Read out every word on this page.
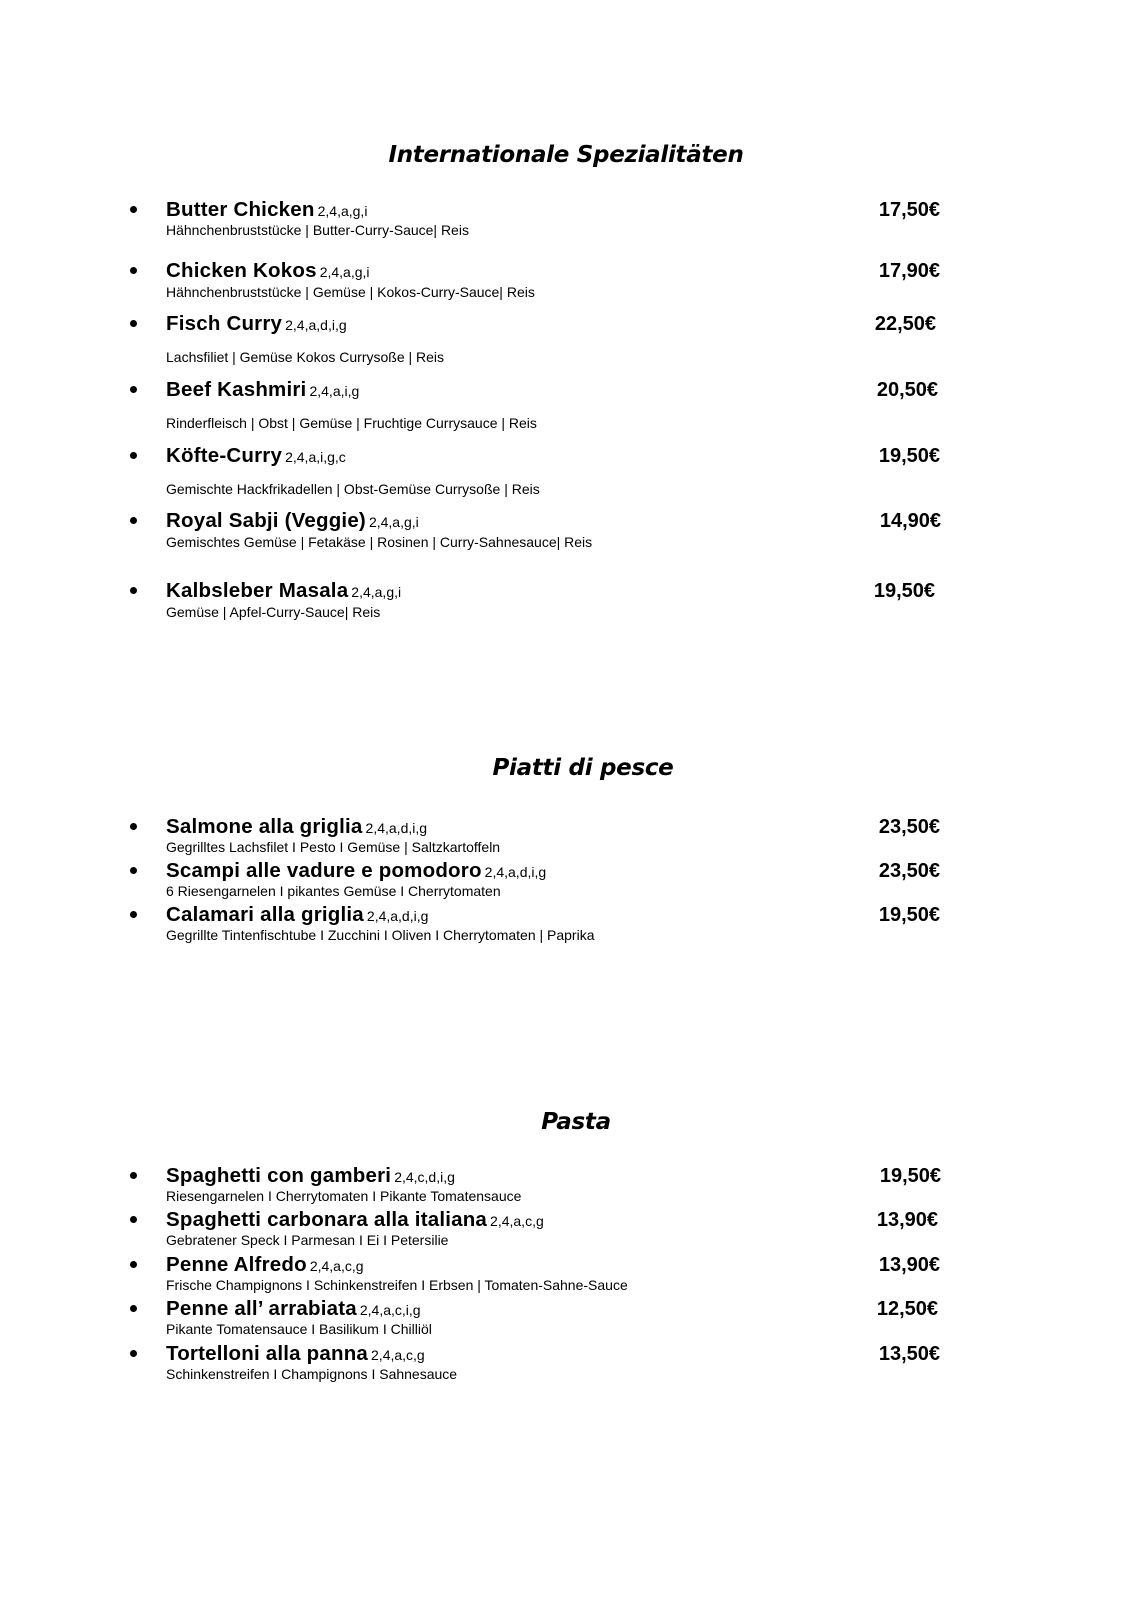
Internationale Spezialitäten
Butter Chicken 2,4,a,g,i
Hähnchenbruststücke | Butter-Curry-Sauce| Reis
17,50€
Chicken Kokos 2,4,a,g,i
Hähnchenbruststücke | Gemüse | Kokos-Curry-Sauce| Reis
17,90€
Fisch Curry 2,4,a,d,i,g
Lachsfiliet | Gemüse Kokos Currysoße | Reis
22,50€
Beef Kashmiri 2,4,a,i,g
Rinderfleisch | Obst | Gemüse | Fruchtige Currysauce | Reis
20,50€
Köfte-Curry 2,4,a,i,g,c
Gemischte Hackfrikadellen | Obst-Gemüse Currysoße | Reis
19,50€
Royal Sabji (Veggie) 2,4,a,g,i
Gemischtes Gemüse | Fetakäse | Rosinen | Curry-Sahnesauce| Reis
14,90€
Kalbsleber Masala 2,4,a,g,i
Gemüse | Apfel-Curry-Sauce| Reis
19,50€
Piatti di pesce
Salmone alla griglia 2,4,a,d,i,g
Gegrilltes Lachsfilet I Pesto I Gemüse | Saltzkartoffeln
23,50€
Scampi alle vadure e pomodoro 2,4,a,d,i,g
6 Riesengarnelen I pikantes Gemüse I Cherrytomaten
23,50€
Calamari alla griglia 2,4,a,d,i,g
Gegrillte Tintenfischtube I Zucchini I Oliven I Cherrytomaten | Paprika
19,50€
Pasta
Spaghetti con gamberi 2,4,c,d,i,g
Riesengarnelen I Cherrytomaten I Pikante Tomatensauce
19,50€
Spaghetti carbonara alla italiana 2,4,a,c,g
Gebratener Speck I Parmesan I Ei I Petersilie
13,90€
Penne Alfredo 2,4,a,c,g
Frische Champignons I Schinkenstreifen I Erbsen | Tomaten-Sahne-Sauce
13,90€
Penne all’ arrabiata 2,4,a,c,i,g
Pikante Tomatensauce I Basilikum I Chilliöl
12,50€
Tortelloni alla panna 2,4,a,c,g
Schinkenstreifen I Champignons I Sahnesauce
13,50€
